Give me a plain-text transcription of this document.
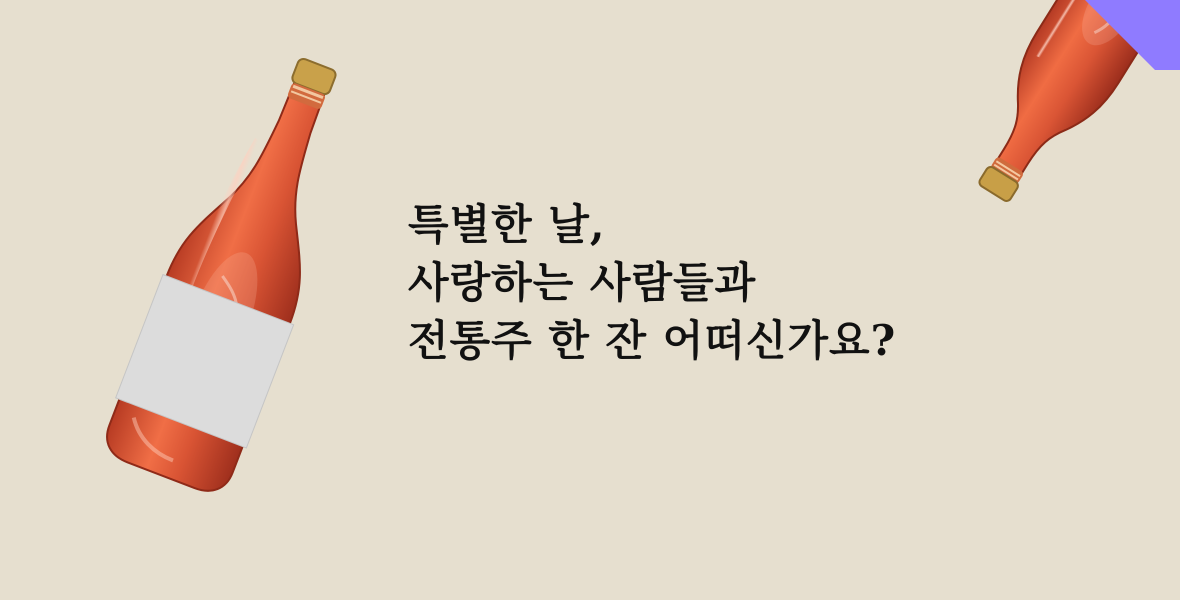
특별한 날,
사랑하는 사람들과
전통주 한 잔 어떠신가요?
